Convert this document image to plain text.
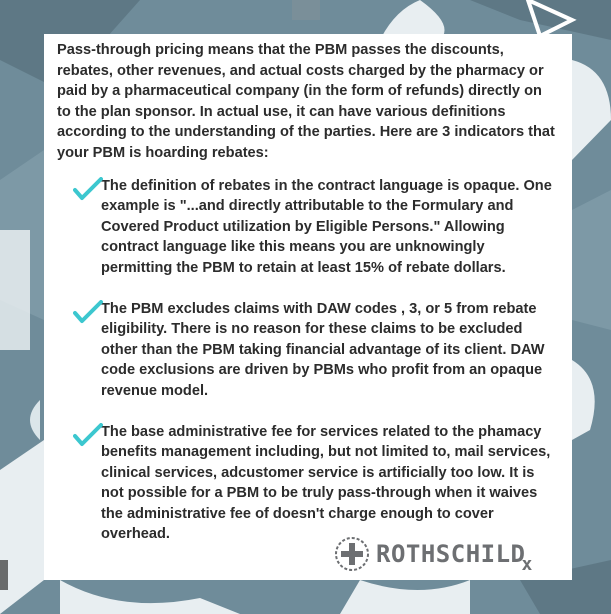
Pass-through pricing means that the PBM passes the discounts, rebates, other revenues, and actual costs charged by the pharmacy or paid by a pharmaceutical company (in the form of refunds) directly on to the plan sponsor. In actual use, it can have various definitions according to the understanding of the parties. Here are 3 indicators that your PBM is hoarding rebates:

The definition of rebates in the contract language is opaque. One example is "...and directly attributable to the Formulary and Covered Product utilization by Eligible Persons." Allowing contract language like this means you are unknowingly permitting the PBM to retain at least 15% of rebate dollars.

The PBM excludes claims with DAW codes , 3, or 5 from rebate eligibility. There is no reason for these claims to be excluded other than the PBM taking financial advantage of its client. DAW code exclusions are driven by PBMs who profit from an opaque revenue model.

The base administrative fee for services related to the phamacy benefits management including, but not limited to, mail services, clinical services, adcustomer service is artificially too low. It is not possible for a PBM to be truly pass-through when it waives the administrative fee of doesn't charge enough to cover overhead.

ROTHSCHILD
x
